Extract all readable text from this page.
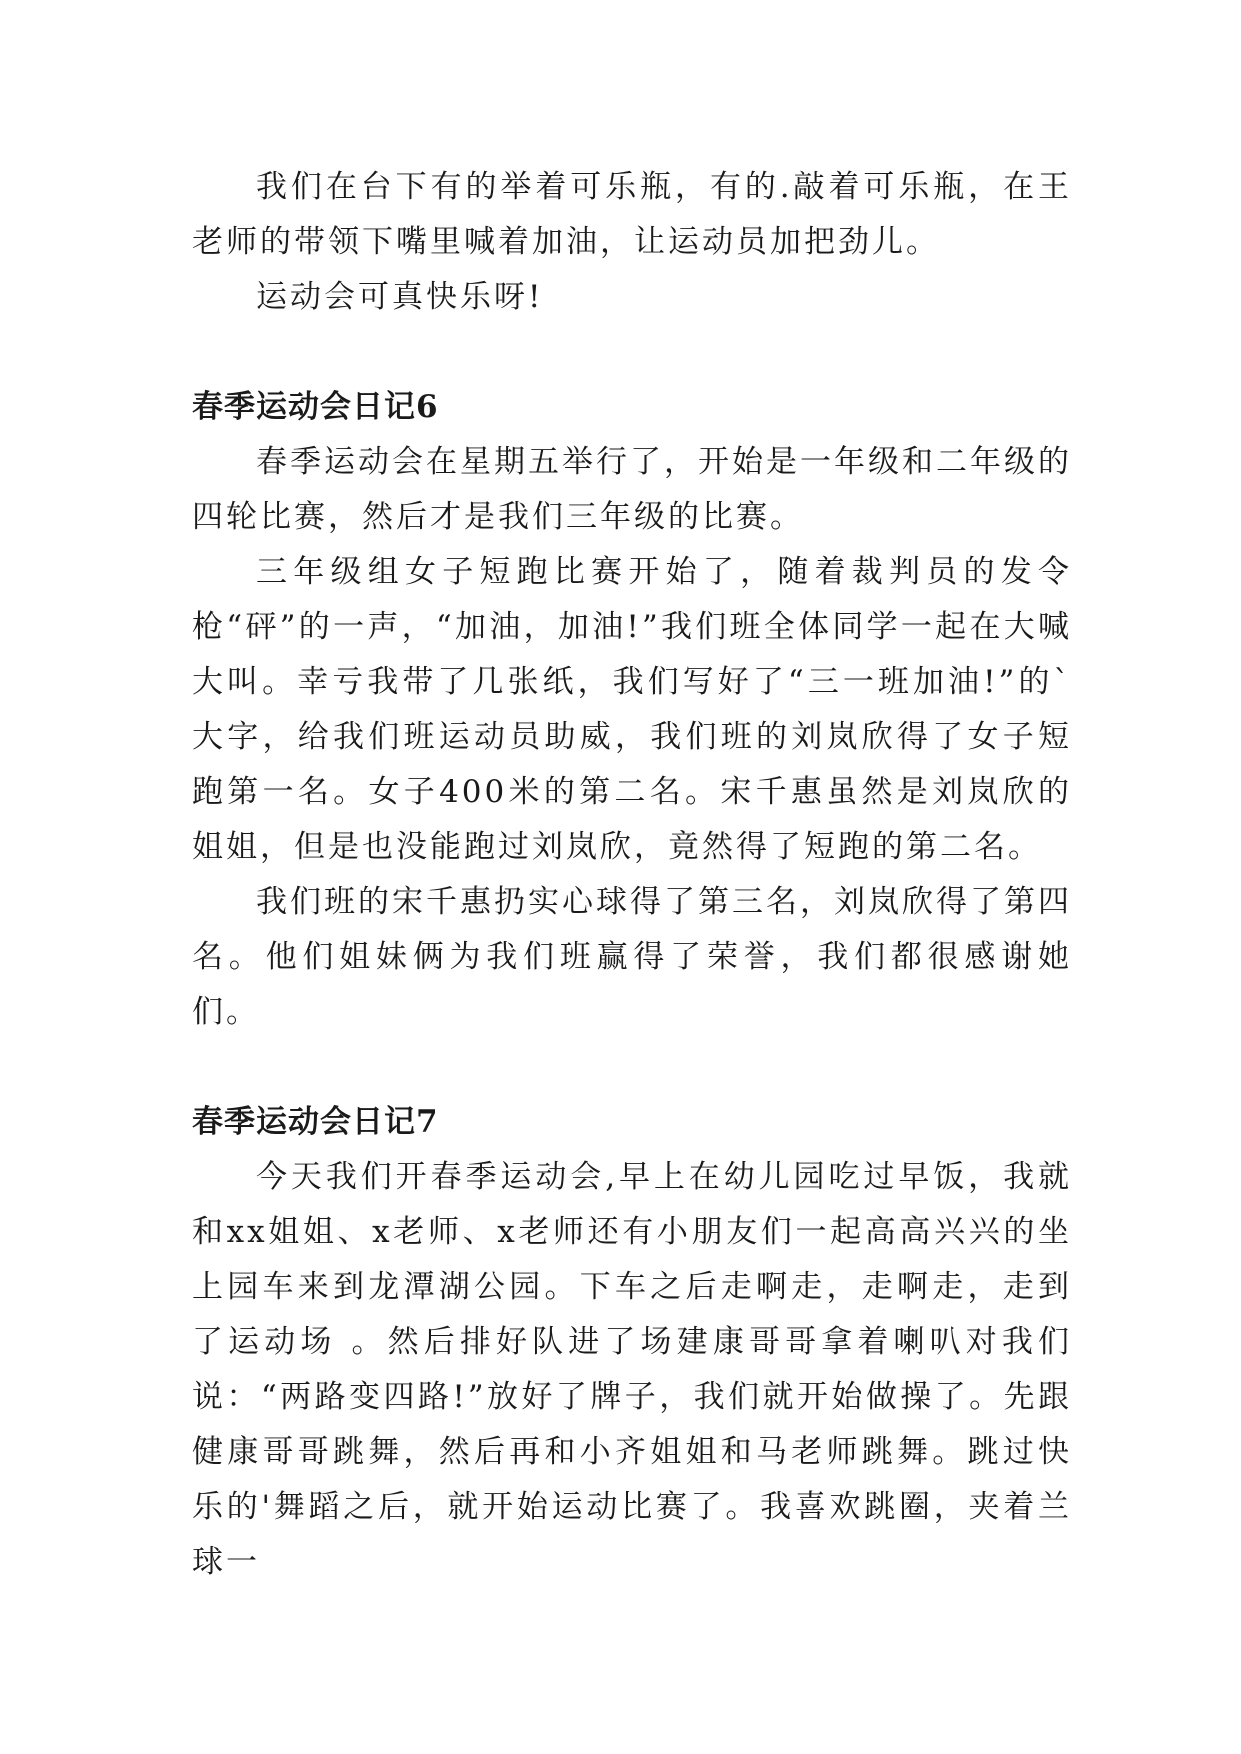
我们在台下有的举着可乐瓶，有的.敲着可乐瓶，在王老师的带领下嘴里喊着加油，让运动员加把劲儿。

运动会可真快乐呀!

春季运动会日记6

春季运动会在星期五举行了，开始是一年级和二年级的四轮比赛，然后才是我们三年级的比赛。

三年级组女子短跑比赛开始了，随着裁判员的发令枪“砰”的一声，“加油，加油!”我们班全体同学一起在大喊大叫。幸亏我带了几张纸，我们写好了“三一班加油!”的`大字，给我们班运动员助威，我们班的刘岚欣得了女子短跑第一名。女子400米的第二名。宋千惠虽然是刘岚欣的姐姐，但是也没能跑过刘岚欣，竟然得了短跑的第二名。

我们班的宋千惠扔实心球得了第三名，刘岚欣得了第四名。他们姐妹俩为我们班赢得了荣誉，我们都很感谢她们。

春季运动会日记7

今天我们开春季运动会,早上在幼儿园吃过早饭，我就和xx姐姐、x老师、x老师还有小朋友们一起高高兴兴的坐上园车来到龙潭湖公园。下车之后走啊走，走啊走，走到了运动场 。然后排好队进了场建康哥哥拿着喇叭对我们说：“两路变四路!”放好了牌子，我们就开始做操了。先跟健康哥哥跳舞，然后再和小齐姐姐和马老师跳舞。跳过快乐的'舞蹈之后，就开始运动比赛了。我喜欢跳圈，夹着兰球一
